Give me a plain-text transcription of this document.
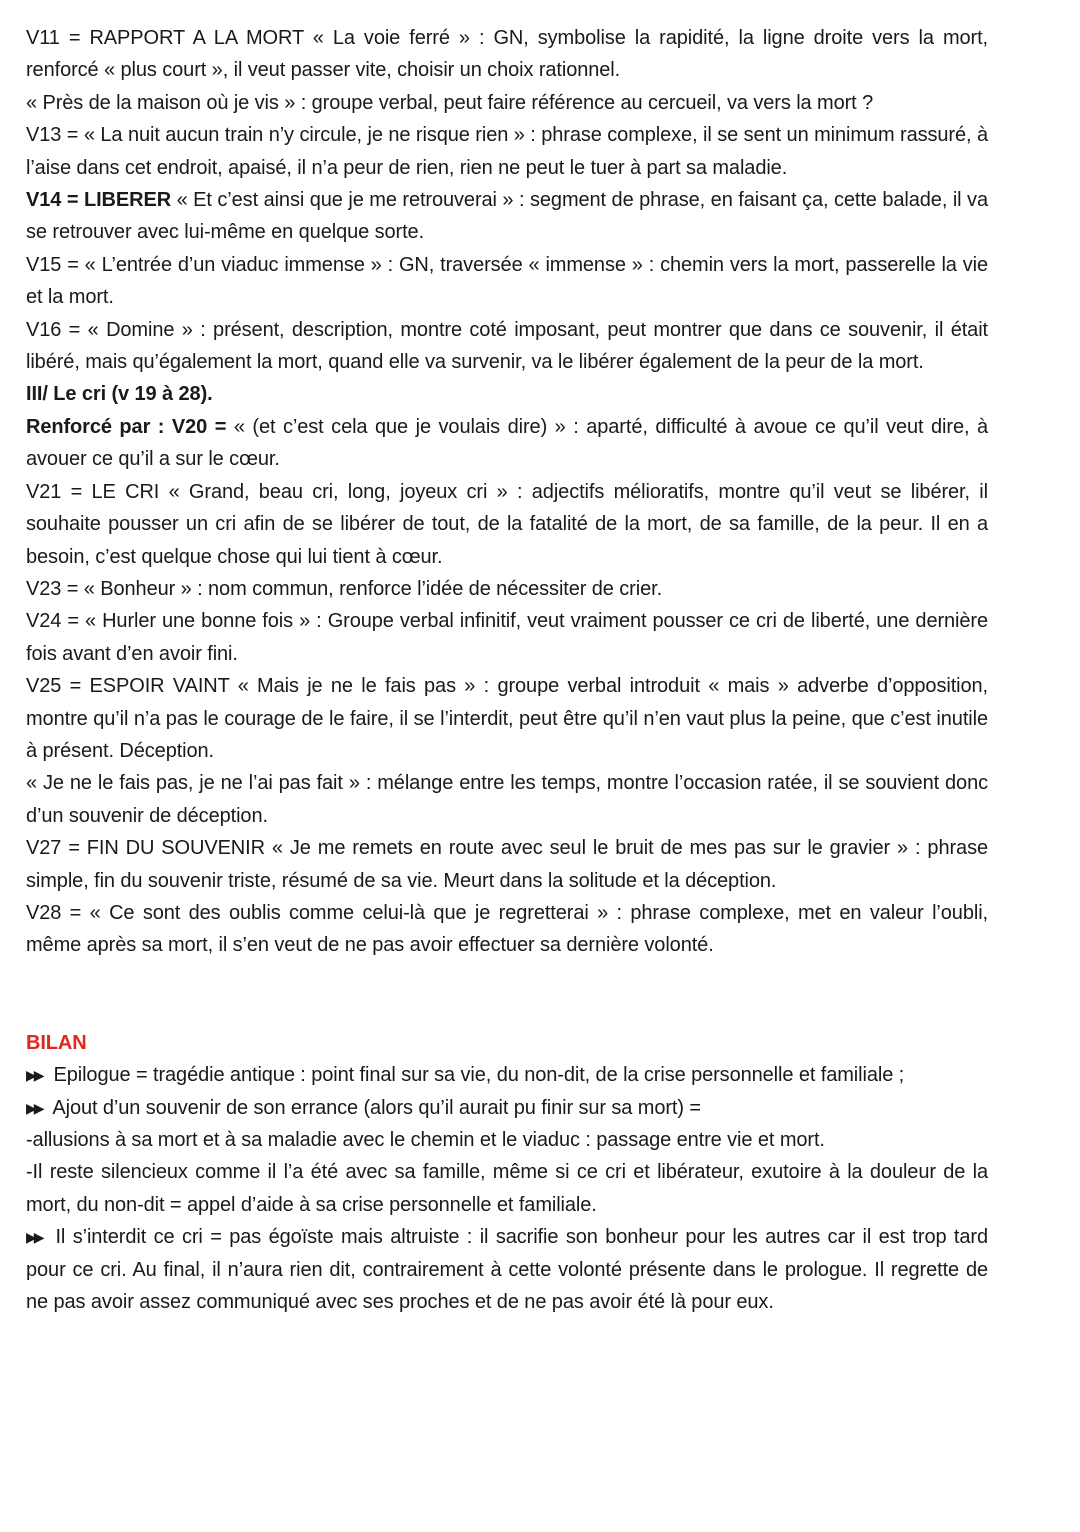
V11 = RAPPORT A LA MORT « La voie ferré » : GN, symbolise la rapidité, la ligne droite vers la mort, renforcé « plus court », il veut passer vite, choisir un choix rationnel.

« Près de la maison où je vis » : groupe verbal, peut faire référence au cercueil, va vers la mort ?

V13 = « La nuit aucun train n’y circule, je ne risque rien » : phrase complexe, il se sent un minimum rassuré, à l’aise dans cet endroit, apaisé, il n’a peur de rien, rien ne peut le tuer à part sa maladie.

V14 = LIBERER « Et c’est ainsi que je me retrouverai » : segment de phrase, en faisant ça, cette balade, il va se retrouver avec lui-même en quelque sorte.

V15 = « L’entrée d’un viaduc immense » : GN, traversée « immense » : chemin vers la mort, passerelle la vie et la mort.

V16 = « Domine » : présent, description, montre coté imposant, peut montrer que dans ce souvenir, il était libéré, mais qu’également la mort, quand elle va survenir, va le libérer également de la peur de la mort.

III/ Le cri (v 19 à 28).

Renforcé par : V20 = « (et c’est cela que je voulais dire) » : aparté, difficulté à avoue ce qu’il veut dire, à avouer ce qu’il a sur le cœur.

V21 = LE CRI « Grand, beau cri, long, joyeux cri » : adjectifs mélioratifs, montre qu’il veut se libérer, il souhaite pousser un cri afin de se libérer de tout, de la fatalité de la mort, de sa famille, de la peur. Il en a besoin, c’est quelque chose qui lui tient à cœur.

V23 = « Bonheur » : nom commun, renforce l’idée de nécessiter de crier.

V24 = « Hurler une bonne fois » : Groupe verbal infinitif, veut vraiment pousser ce cri de liberté, une dernière fois avant d’en avoir fini.

V25 = ESPOIR VAINT « Mais je ne le fais pas » : groupe verbal introduit « mais » adverbe d’opposition, montre qu’il n’a pas le courage de le faire, il se l’interdit, peut être qu’il n’en vaut plus la peine, que c’est inutile à présent. Déception.

« Je ne le fais pas, je ne l’ai pas fait » : mélange entre les temps, montre l’occasion ratée, il se souvient donc d’un souvenir de déception.

V27 = FIN DU SOUVENIR « Je me remets en route avec seul le bruit de mes pas sur le gravier » : phrase simple, fin du souvenir triste, résumé de sa vie. Meurt dans la solitude et la déception.

V28 = « Ce sont des oublis comme celui-là que je regretterai » : phrase complexe, met en valeur l’oubli, même après sa mort, il s’en veut de ne pas avoir effectuer sa dernière volonté.

BILAN

▶▶ Epilogue = tragédie antique : point final sur sa vie, du non-dit, de la crise personnelle et familiale ;

▶▶ Ajout d’un souvenir de son errance (alors qu’il aurait pu finir sur sa mort) =

-allusions à sa mort et à sa maladie avec le chemin et le viaduc : passage entre vie et mort.

-Il reste silencieux comme il l’a été avec sa famille, même si ce cri et libérateur, exutoire à la douleur de la mort, du non-dit = appel d’aide à sa crise personnelle et familiale.

▶▶ Il s’interdit ce cri = pas égoïste mais altruiste : il sacrifie son bonheur pour les autres car il est trop tard pour ce cri. Au final, il n’aura rien dit, contrairement à cette volonté présente dans le prologue. Il regrette de ne pas avoir assez communiqué avec ses proches et de ne pas avoir été là pour eux.
